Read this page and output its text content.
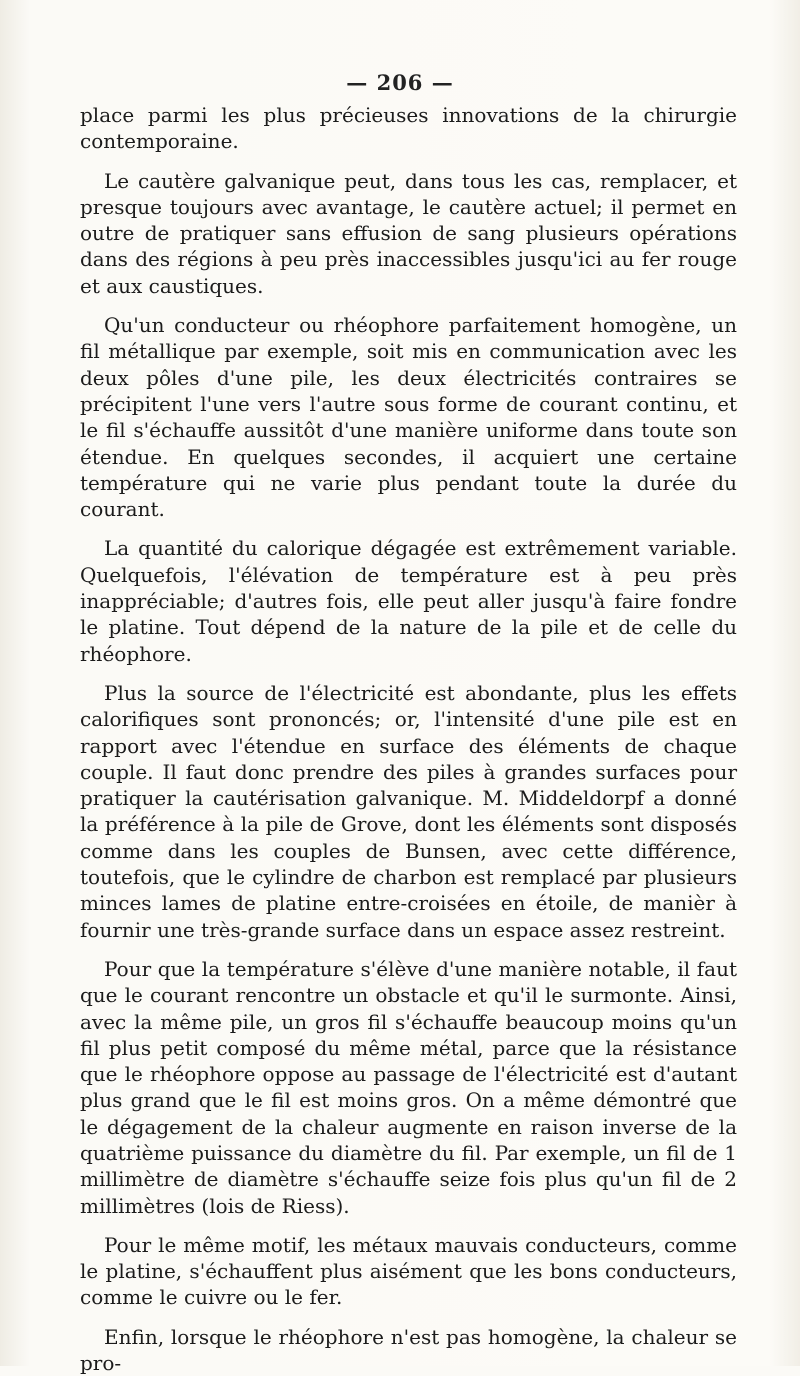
— 206 —

place parmi les plus précieuses innovations de la chirurgie contemporaine.

Le cautère galvanique peut, dans tous les cas, remplacer, et presque toujours avec avantage, le cautère actuel; il permet en outre de pratiquer sans effusion de sang plusieurs opérations dans des régions à peu près inaccessibles jusqu'ici au fer rouge et aux caustiques.

Qu'un conducteur ou rhéophore parfaitement homogène, un fil métallique par exemple, soit mis en communication avec les deux pôles d'une pile, les deux électricités contraires se précipitent l'une vers l'autre sous forme de courant continu, et le fil s'échauffe aussitôt d'une manière uniforme dans toute son étendue. En quelques secondes, il acquiert une certaine température qui ne varie plus pendant toute la durée du courant.

La quantité du calorique dégagée est extrêmement variable. Quelquefois, l'élévation de température est à peu près inappréciable; d'autres fois, elle peut aller jusqu'à faire fondre le platine. Tout dépend de la nature de la pile et de celle du rhéophore.

Plus la source de l'électricité est abondante, plus les effets calorifiques sont prononcés; or, l'intensité d'une pile est en rapport avec l'étendue en surface des éléments de chaque couple. Il faut donc prendre des piles à grandes surfaces pour pratiquer la cautérisation galvanique. M. Middeldorpf a donné la préférence à la pile de Grove, dont les éléments sont disposés comme dans les couples de Bunsen, avec cette différence, toutefois, que le cylindre de charbon est remplacé par plusieurs minces lames de platine entre-croisées en étoile, de manièr à fournir une très-grande surface dans un espace assez restreint.

Pour que la température s'élève d'une manière notable, il faut que le courant rencontre un obstacle et qu'il le surmonte. Ainsi, avec la même pile, un gros fil s'échauffe beaucoup moins qu'un fil plus petit composé du même métal, parce que la résistance que le rhéophore oppose au passage de l'électricité est d'autant plus grand que le fil est moins gros. On a même démontré que le dégagement de la chaleur augmente en raison inverse de la quatrième puissance du diamètre du fil. Par exemple, un fil de 1 millimètre de diamètre s'échauffe seize fois plus qu'un fil de 2 millimètres (lois de Riess).

Pour le même motif, les métaux mauvais conducteurs, comme le platine, s'échauffent plus aisément que les bons conducteurs, comme le cuivre ou le fer.

Enfin, lorsque le rhéophore n'est pas homogène, la chaleur se pro-
